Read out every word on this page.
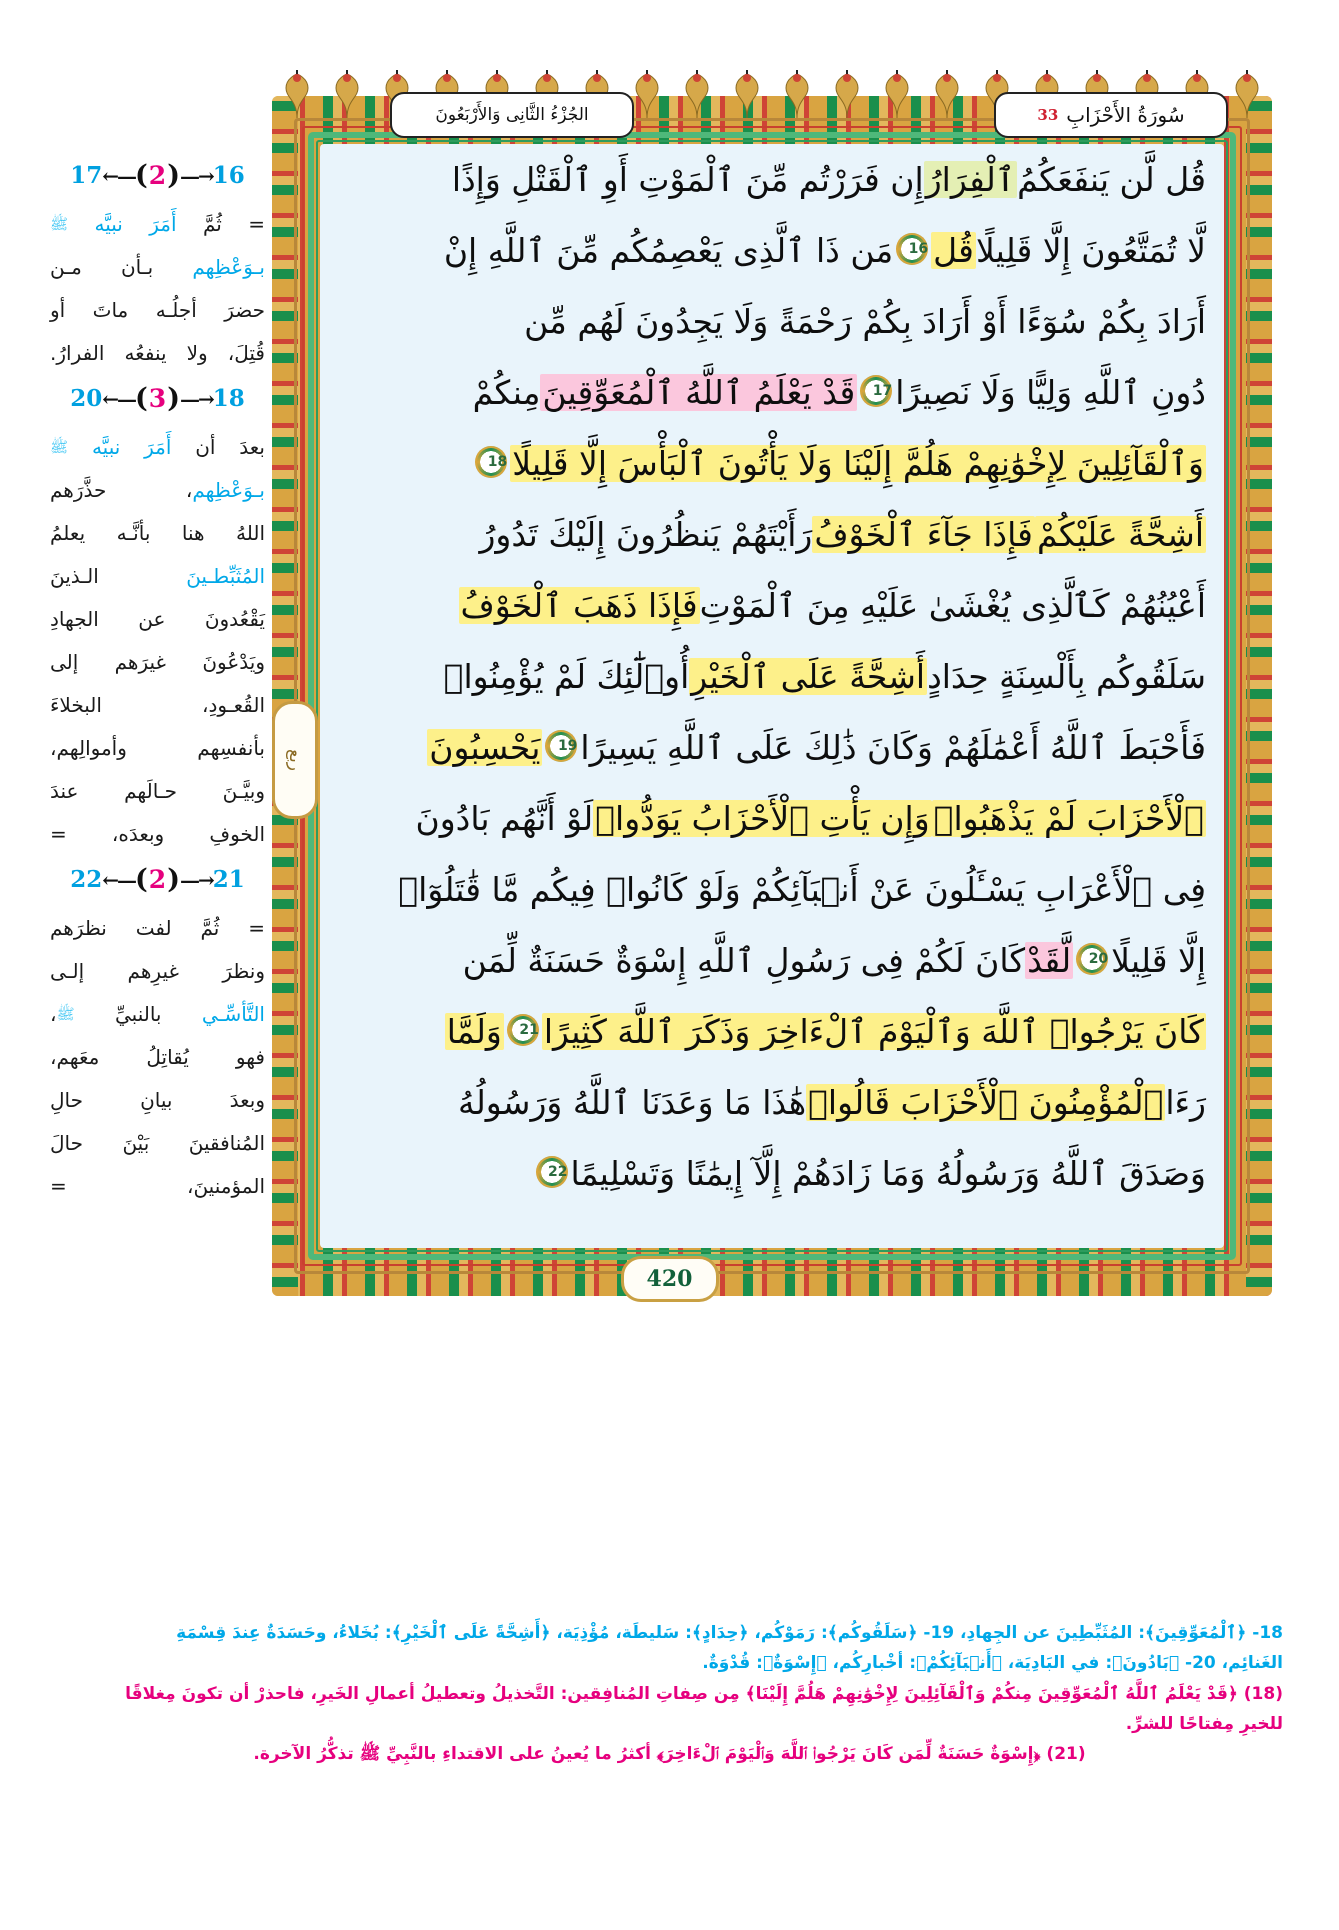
سُورَةُ الأَحْزَابِ
33
الجُزْءُ الثَّانِى وَالأَرْبَعُونَ
17 ←— ( 2 ) —→ 16

= ثُمَّ أَمَرَ نبيَّه ﷺ

بـوَعْظِهم بـأن مـن

حضرَ أجلُـه ماتَ أو

قُتِلَ، ولا ينفعُه الفرارُ.

20 ←— ( 3 ) —→ 18

بعدَ أن أَمَرَ نبيَّه ﷺ

بـوَعْظِهم، حذَّرَهم

اللهُ هنا بأنَّـه يعلمُ

المُثَبِّطـينَ الـذينَ

يَقْعُدونَ عن الجهادِ

ويَدْعُونَ غيرَهم إلى

القُعـودِ، البخلاءَ

بأنفسِهم وأموالِهم،

وبيَّـنَ حـالَهم عندَ

الخوفِ وبعدَه، =

22 ←— ( 2 ) —→ 21

= ثُمَّ لفت نظرَهم

ونظرَ غيرِهم إلـى

التَّأسِّـي بالنبيِّ ﷺ،

فهو يُقاتِلُ معَهم،

وبعدَ بيانِ حالِ

المُنافقينَ بَيْنَ حالَ

المؤمنينَ، =

ربع
قُل لَّن يَنفَعَكُمُ
ٱلْفِرَارُ
إِن فَرَرْتُم مِّنَ ٱلْمَوْتِ أَوِ ٱلْقَتْلِ وَإِذًا
لَّا تُمَتَّعُونَ إِلَّا قَلِيلًا
قُل
16
مَن ذَا ٱلَّذِى يَعْصِمُكُم مِّنَ ٱللَّهِ إِنْ
أَرَادَ بِكُمْ سُوٓءًا أَوْ أَرَادَ بِكُمْ رَحْمَةً وَلَا يَجِدُونَ لَهُم مِّن
دُونِ ٱللَّهِ وَلِيًّا وَلَا نَصِيرًا
17
قَدْ يَعْلَمُ ٱللَّهُ ٱلْمُعَوِّقِينَ
مِنكُمْ
وَٱلْقَآئِلِينَ لِإِخْوَٰنِهِمْ هَلُمَّ إِلَيْنَا وَلَا يَأْتُونَ ٱلْبَأْسَ إِلَّا قَلِيلًا
18
أَشِحَّةً عَلَيْكُمْ
فَإِذَا جَآءَ ٱلْخَوْفُ
رَأَيْتَهُمْ يَنظُرُونَ إِلَيْكَ تَدُورُ
أَعْيُنُهُمْ كَٱلَّذِى يُغْشَىٰ عَلَيْهِ مِنَ ٱلْمَوْتِ
فَإِذَا ذَهَبَ ٱلْخَوْفُ
سَلَقُوكُم بِأَلْسِنَةٍ حِدَادٍ
أَشِحَّةً عَلَى ٱلْخَيْرِ
أُو۟لَٰٓئِكَ لَمْ يُؤْمِنُوا۟
فَأَحْبَطَ ٱللَّهُ أَعْمَٰلَهُمْ وَكَانَ ذَٰلِكَ عَلَى ٱللَّهِ يَسِيرًا
19
يَحْسِبُونَ
ٱلْأَحْزَابَ لَمْ يَذْهَبُوا۟
وَإِن يَأْتِ ٱلْأَحْزَابُ يَوَدُّوا۟
لَوْ أَنَّهُم بَادُونَ
فِى ٱلْأَعْرَابِ يَسْـَٔلُونَ عَنْ أَنۢبَآئِكُمْ وَلَوْ كَانُوا۟ فِيكُم مَّا قَٰتَلُوٓا۟
إِلَّا قَلِيلًا
20
لَّقَدْ
كَانَ لَكُمْ فِى رَسُولِ ٱللَّهِ إِسْوَةٌ حَسَنَةٌ لِّمَن
كَانَ يَرْجُوا۟ ٱللَّهَ وَٱلْيَوْمَ ٱلْءَاخِرَ وَذَكَرَ ٱللَّهَ كَثِيرًا
21
وَلَمَّا
رَءَا
ٱلْمُؤْمِنُونَ ٱلْأَحْزَابَ قَالُوا۟
هَٰذَا مَا وَعَدَنَا ٱللَّهُ وَرَسُولُهُ
وَصَدَقَ ٱللَّهُ وَرَسُولُهُ وَمَا زَادَهُمْ إِلَّآ إِيمَٰنًا وَتَسْلِيمًا
22
420

18- ﴿ٱلْمُعَوِّقِينَ﴾: المُثَبِّطِينَ عن الجِهادِ، 19- ﴿سَلَقُوكُم﴾: رَمَوْكُم، ﴿حِدَادٍ﴾: سَليطَة، مُؤْذِيَة، ﴿أَشِحَّةً عَلَى ٱلْخَيْرِ﴾: بُخَلاءُ، وحَسَدَةٌ عِندَ قِسْمَةِ

الغَنائِم، 20- ﴿بَادُونَ﴾: في البَادِيَة، ﴿أَنۢبَآئِكُمْ﴾: أخْبارِكُم، ﴿إِسْوَةٌ﴾: قُدْوَةٌ.

(18) ﴿قَدْ يَعْلَمُ ٱللَّهُ ٱلْمُعَوِّقِينَ مِنكُمْ وَٱلْقَآئِلِينَ لِإِخْوَٰنِهِمْ هَلُمَّ إِلَيْنَا﴾ مِن صِفاتِ المُنافِقين: التَّخذيلُ وتعطيلُ أعمالِ الخَيرِ، فاحذرْ أن تكونَ مِغلاقًا

للخيرِ مِفتاحًا للشرِّ.

(21) ﴿إِسْوَةٌ حَسَنَةٌ لِّمَن كَانَ يَرْجُوا۟ ٱللَّهَ وَٱلْيَوْمَ ٱلْءَاخِرَ﴾ أكثرُ ما يُعينُ على الاقتداءِ بالنَّبِيِّ ﷺ تذكُّرُ الآخرة.
